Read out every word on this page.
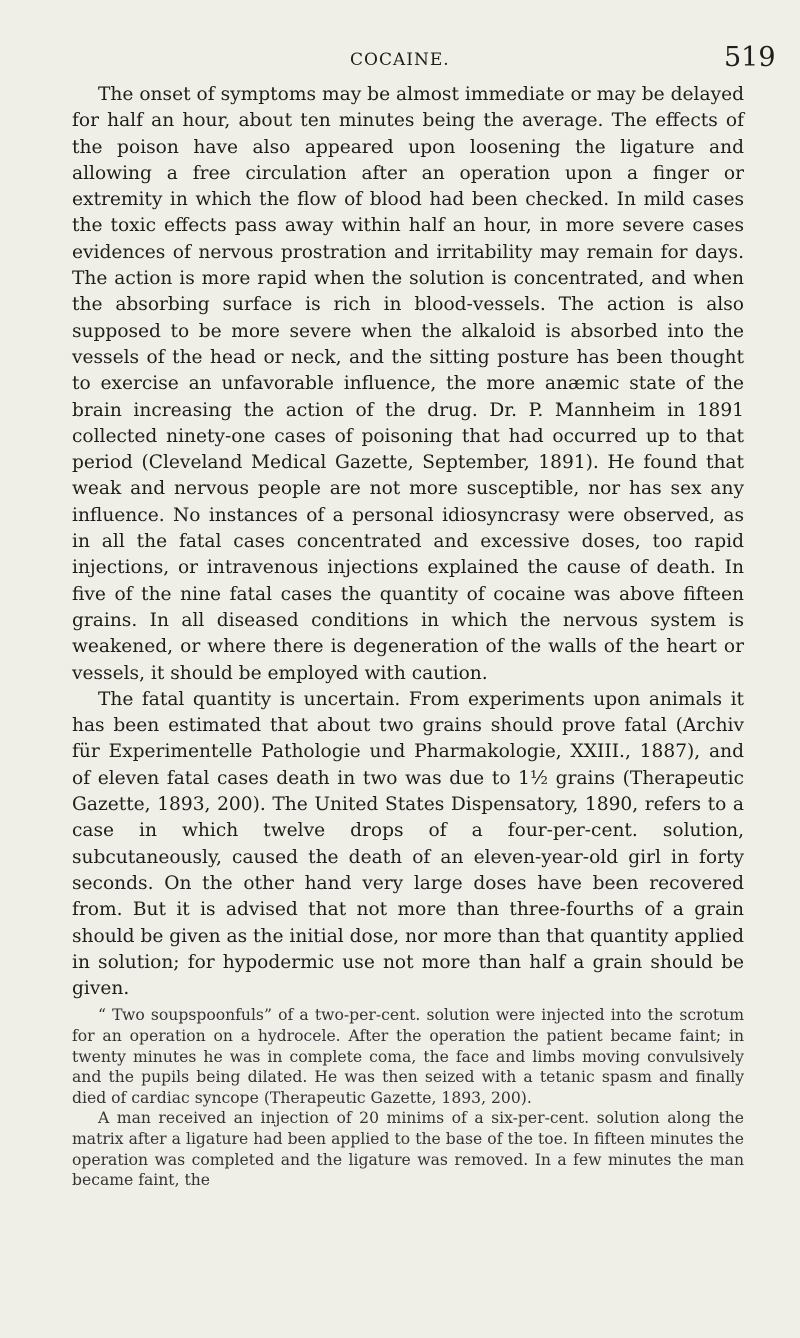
COCAINE.	519

The onset of symptoms may be almost immediate or may be delayed for half an hour, about ten minutes being the average. The effects of the poison have also appeared upon loosening the ligature and allowing a free circulation after an operation upon a finger or extremity in which the flow of blood had been checked. In mild cases the toxic effects pass away within half an hour, in more severe cases evidences of nervous prostration and irritability may remain for days. The action is more rapid when the solution is concentrated, and when the absorbing surface is rich in blood-vessels. The action is also supposed to be more severe when the alkaloid is absorbed into the vessels of the head or neck, and the sitting posture has been thought to exercise an unfavorable influence, the more anæmic state of the brain increasing the action of the drug. Dr. P. Mannheim in 1891 collected ninety-one cases of poisoning that had occurred up to that period (Cleveland Medical Gazette, September, 1891). He found that weak and nervous people are not more susceptible, nor has sex any influence. No instances of a personal idiosyncrasy were observed, as in all the fatal cases concentrated and excessive doses, too rapid injections, or intravenous injections explained the cause of death. In five of the nine fatal cases the quantity of cocaine was above fifteen grains. In all diseased conditions in which the nervous system is weakened, or where there is degeneration of the walls of the heart or vessels, it should be employed with caution.

The fatal quantity is uncertain. From experiments upon animals it has been estimated that about two grains should prove fatal (Archiv für Experimentelle Pathologie und Pharmakologie, XXIII., 1887), and of eleven fatal cases death in two was due to 1½ grains (Therapeutic Gazette, 1893, 200). The United States Dispensatory, 1890, refers to a case in which twelve drops of a four-per-cent. solution, subcutaneously, caused the death of an eleven-year-old girl in forty seconds. On the other hand very large doses have been recovered from. But it is advised that not more than three-fourths of a grain should be given as the initial dose, nor more than that quantity applied in solution; for hypodermic use not more than half a grain should be given.

“ Two soupspoonfuls” of a two-per-cent. solution were injected into the scrotum for an operation on a hydrocele. After the operation the patient became faint; in twenty minutes he was in complete coma, the face and limbs moving convulsively and the pupils being dilated. He was then seized with a tetanic spasm and finally died of cardiac syncope (Therapeutic Gazette, 1893, 200).

A man received an injection of 20 minims of a six-per-cent. solution along the matrix after a ligature had been applied to the base of the toe. In fifteen minutes the operation was completed and the ligature was removed. In a few minutes the man became faint, the
